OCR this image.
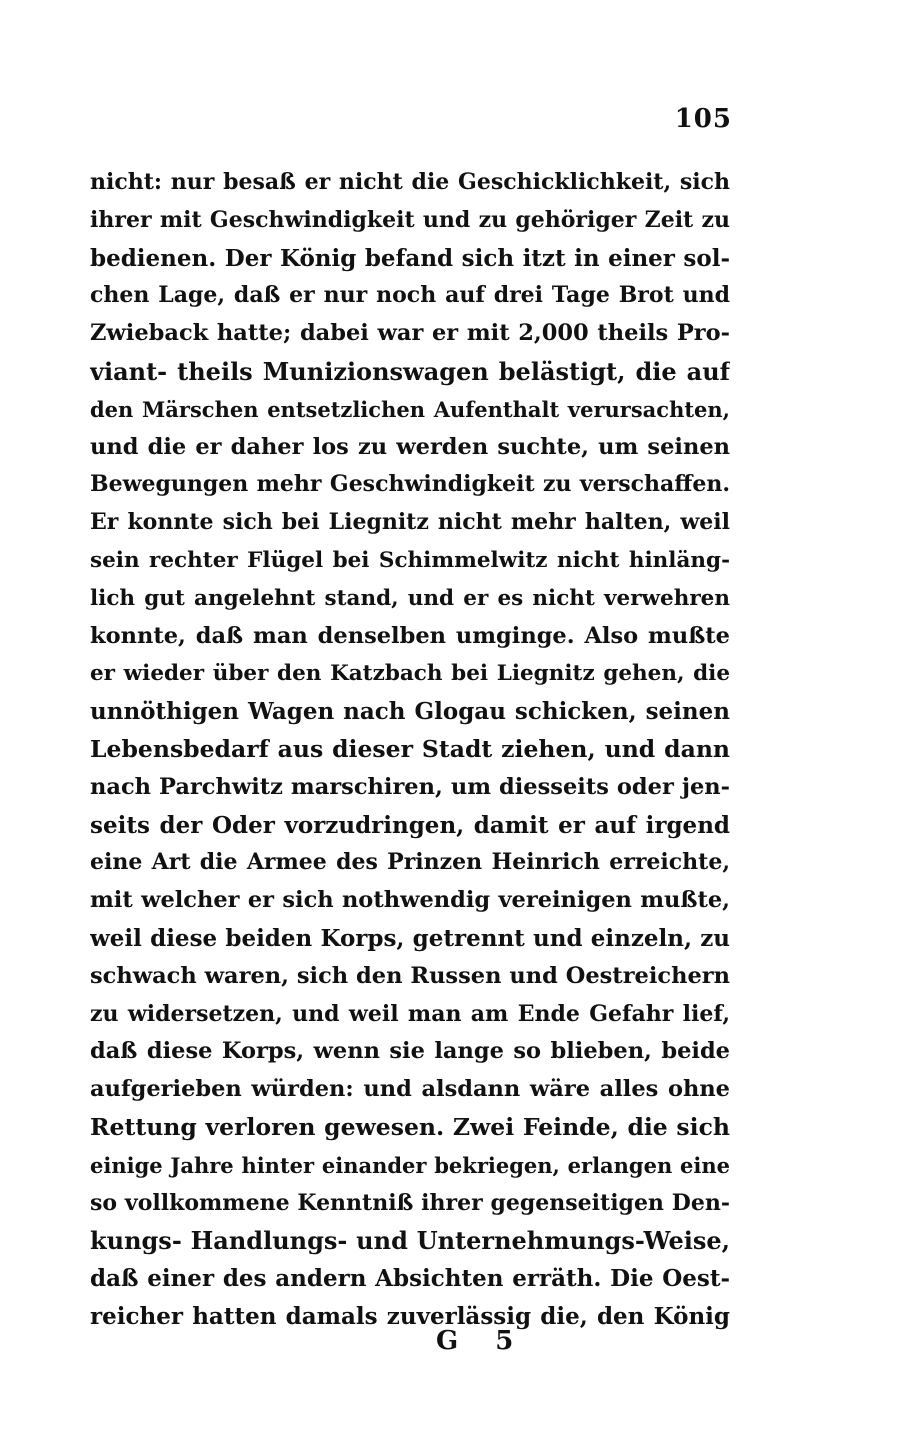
105
nicht: nur besaß er nicht die Geschicklichkeit, sich
ihrer mit Geschwindigkeit und zu gehöriger Zeit zu
bedienen. Der König befand sich itzt in einer sol-
chen Lage, daß er nur noch auf drei Tage Brot und
Zwieback hatte; dabei war er mit 2,000 theils Pro-
viant- theils Munizionswagen belästigt, die auf
den Märschen entsetzlichen Aufenthalt verursachten,
und die er daher los zu werden suchte, um seinen
Bewegungen mehr Geschwindigkeit zu verschaffen.
Er konnte sich bei Liegnitz nicht mehr halten, weil
sein rechter Flügel bei Schimmelwitz nicht hinläng-
lich gut angelehnt stand, und er es nicht verwehren
konnte, daß man denselben umginge. Also mußte
er wieder über den Katzbach bei Liegnitz gehen, die
unnöthigen Wagen nach Glogau schicken, seinen
Lebensbedarf aus dieser Stadt ziehen, und dann
nach Parchwitz marschiren, um diesseits oder jen-
seits der Oder vorzudringen, damit er auf irgend
eine Art die Armee des Prinzen Heinrich erreichte,
mit welcher er sich nothwendig vereinigen mußte,
weil diese beiden Korps, getrennt und einzeln, zu
schwach waren, sich den Russen und Oestreichern
zu widersetzen, und weil man am Ende Gefahr lief,
daß diese Korps, wenn sie lange so blieben, beide
aufgerieben würden: und alsdann wäre alles ohne
Rettung verloren gewesen. Zwei Feinde, die sich
einige Jahre hinter einander bekriegen, erlangen eine
so vollkommene Kenntniß ihrer gegenseitigen Den-
kungs- Handlungs- und Unternehmungs-Weise,
daß einer des andern Absichten erräth. Die Oest-
reicher hatten damals zuverlässig die, den König
G 5
